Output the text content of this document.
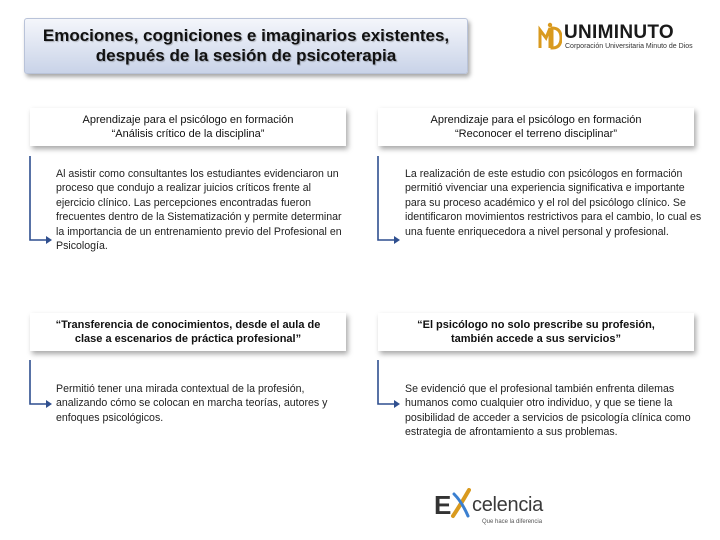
Emociones, cogniciones e imaginarios existentes,
después de la sesión de psicoterapia
UNIMINUTO
Corporación Universitaria Minuto de Dios
Aprendizaje para el psicólogo en formación
“Análisis crítico de la disciplina”
Al asistir como consultantes los estudiantes evidenciaron un proceso que condujo a realizar juicios críticos frente al ejercicio clínico. Las percepciones encontradas fueron frecuentes dentro de la Sistematización y permite determinar la importancia de un entrenamiento previo del Profesional en Psicología.
Aprendizaje para el psicólogo en formación
“Reconocer el terreno disciplinar”
La realización de este estudio con psicólogos en formación permitió vivenciar una experiencia significativa e importante para su proceso académico y el rol del psicólogo clínico. Se identificaron movimientos restrictivos para el cambio, lo cual es una fuente enriquecedora a nivel personal y profesional.
“Transferencia de conocimientos, desde el aula de
clase a escenarios de práctica profesional”
Permitió tener una mirada contextual de la profesión, analizando cómo se colocan en marcha teorías, autores y enfoques psicológicos.
“El psicólogo no solo prescribe su profesión,
también accede a sus servicios”
Se evidenció que el profesional también enfrenta dilemas humanos como cualquier otro individuo, y que se tiene la posibilidad de acceder a servicios de psicología clínica como estrategia de afrontamiento a sus problemas.
E celencia
Que hace la diferencia
